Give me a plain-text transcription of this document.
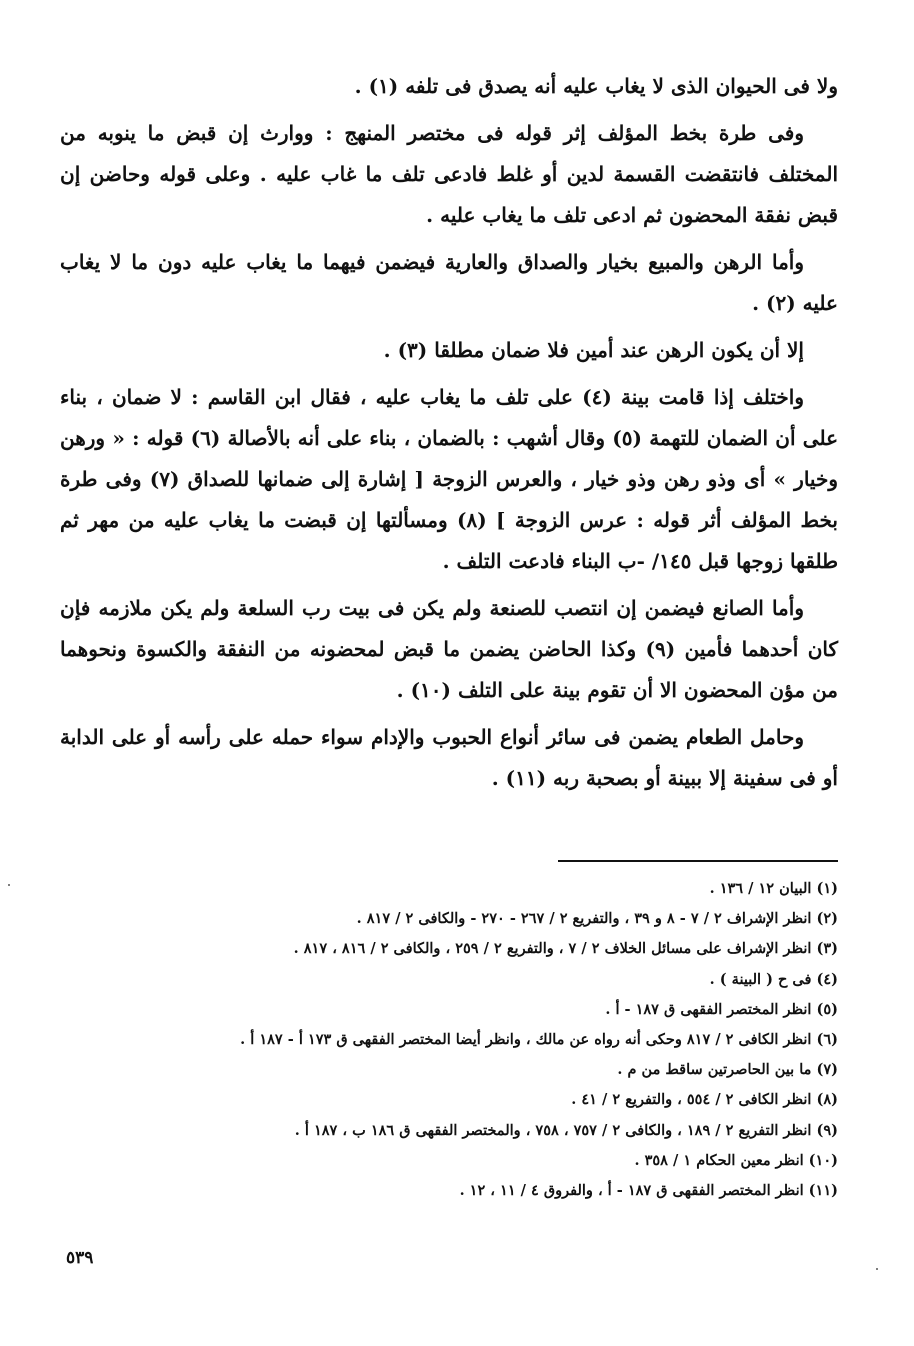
ولا فى الحيوان الذى لا يغاب عليه أنه يصدق فى تلفه (١) .

وفى طرة بخط المؤلف إثر قوله فى مختصر المنهج : ووارث إن قبض ما ينوبه من المختلف فانتقضت القسمة لدين أو غلط فادعى تلف ما غاب عليه . وعلى قوله وحاضن إن قبض نفقة المحضون ثم ادعى تلف ما يغاب عليه .

وأما الرهن والمبيع بخيار والصداق والعارية فيضمن فيهما ما يغاب عليه دون ما لا يغاب عليه (٢) .

إلا أن يكون الرهن عند أمين فلا ضمان مطلقا (٣) .

واختلف إذا قامت بينة (٤) على تلف ما يغاب عليه ، فقال ابن القاسم : لا ضمان ، بناء على أن الضمان للتهمة (٥) وقال أشهب : بالضمان ، بناء على أنه بالأصالة (٦) قوله : « ورهن وخيار » أى وذو رهن وذو خيار ، والعرس الزوجة [ إشارة إلى ضمانها للصداق (٧) وفى طرة بخط المؤلف أثر قوله : عرس الزوجة ] (٨) ومسألتها إن قبضت ما يغاب عليه من مهر ثم طلقها زوجها قبل ١٤٥/ -ب البناء فادعت التلف .

وأما الصانع فيضمن إن انتصب للصنعة ولم يكن فى بيت رب السلعة ولم يكن ملازمه فإن كان أحدهما فأمين (٩) وكذا الحاضن يضمن ما قبض لمحضونه من النفقة والكسوة ونحوهما من مؤن المحضون الا أن تقوم بينة على التلف (١٠) .

وحامل الطعام يضمن فى سائر أنواع الحبوب والإدام سواء حمله على رأسه أو على الدابة أو فى سفينة إلا ببينة أو بصحبة ربه (١١) .

(١) البيان ١٢ / ١٣٦ .
(٢) انظر الإشراف ٢ / ٧ - ٨ و ٣٩ ، والتفريع ٢ / ٢٦٧ - ٢٧٠ - والكافى ٢ / ٨١٧ .
(٣) انظر الإشراف على مسائل الخلاف ٢ / ٧ ، والتفريع ٢ / ٢٥٩ ، والكافى ٢ / ٨١٦ ، ٨١٧ .
(٤) فى ح ( البينة ) .
(٥) انظر المختصر الفقهى ق ١٨٧ - أ .
(٦) انظر الكافى ٢ / ٨١٧ وحكى أنه رواه عن مالك ، وانظر أيضا المختصر الفقهى ق ١٧٣ أ - ١٨٧ أ .
(٧) ما بين الحاصرتين ساقط من م .
(٨) انظر الكافى ٢ / ٥٥٤ ، والتفريع ٢ / ٤١ .
(٩) انظر التفريع ٢ / ١٨٩ ، والكافى ٢ / ٧٥٧ ، ٧٥٨ ، والمختصر الفقهى ق ١٨٦ ب ، ١٨٧ أ .
(١٠) انظر معين الحكام ١ / ٣٥٨ .
(١١) انظر المختصر الفقهى ق ١٨٧ - أ ، والفروق ٤ / ١١ ، ١٢ .
٥٣٩
